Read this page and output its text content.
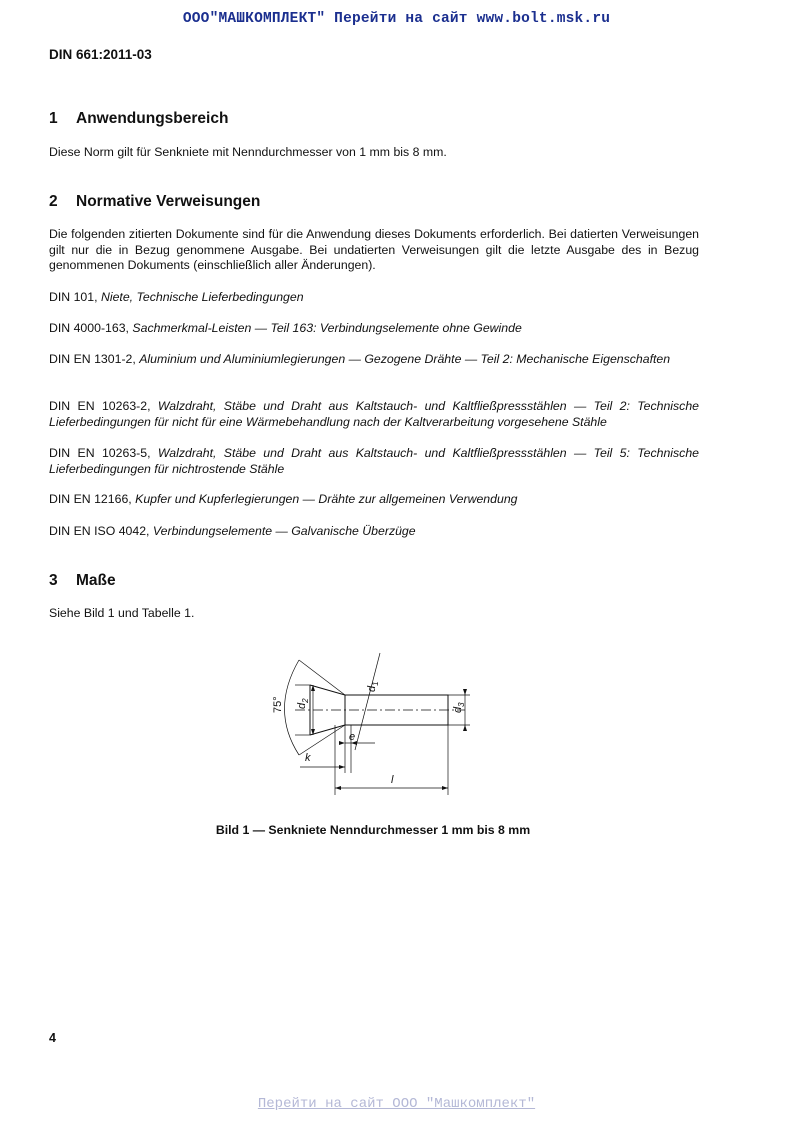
ООО"МАШКОМПЛЕКТ" Перейти на сайт www.bolt.msk.ru
DIN 661:2011-03
1 Anwendungsbereich

Diese Norm gilt für Senkniete mit Nenndurchmesser von 1 mm bis 8 mm.

2 Normative Verweisungen

Die folgenden zitierten Dokumente sind für die Anwendung dieses Dokuments erforderlich. Bei datierten Verweisungen gilt nur die in Bezug genommene Ausgabe. Bei undatierten Verweisungen gilt die letzte Ausgabe des in Bezug genommenen Dokuments (einschließlich aller Änderungen).

DIN 101, Niete, Technische Lieferbedingungen

DIN 4000-163, Sachmerkmal-Leisten — Teil 163: Verbindungselemente ohne Gewinde

DIN EN 1301-2, Aluminium und Aluminiumlegierungen — Gezogene Drähte — Teil 2: Mechanische Eigenschaften

DIN EN 10263-2, Walzdraht, Stäbe und Draht aus Kaltstauch- und Kaltfließpressstählen — Teil 2: Technische Lieferbedingungen für nicht für eine Wärmebehandlung nach der Kaltverarbeitung vorgesehene Stähle

DIN EN 10263-5, Walzdraht, Stäbe und Draht aus Kaltstauch- und Kaltfließpressstählen — Teil 5: Technische Lieferbedingungen für nichtrostende Stähle

DIN EN 12166, Kupfer und Kupferlegierungen — Drähte zur allgemeinen Verwendung

DIN EN ISO 4042, Verbindungselemente — Galvanische Überzüge

3 Maße

Siehe Bild 1 und Tabelle 1.

75° $d_2$
$d_1$
$d_3$
k
e
l
Bild 1 — Senkniete Nenndurchmesser 1 mm bis 8 mm
4
Перейти на сайт ООО "Машкомплект"
